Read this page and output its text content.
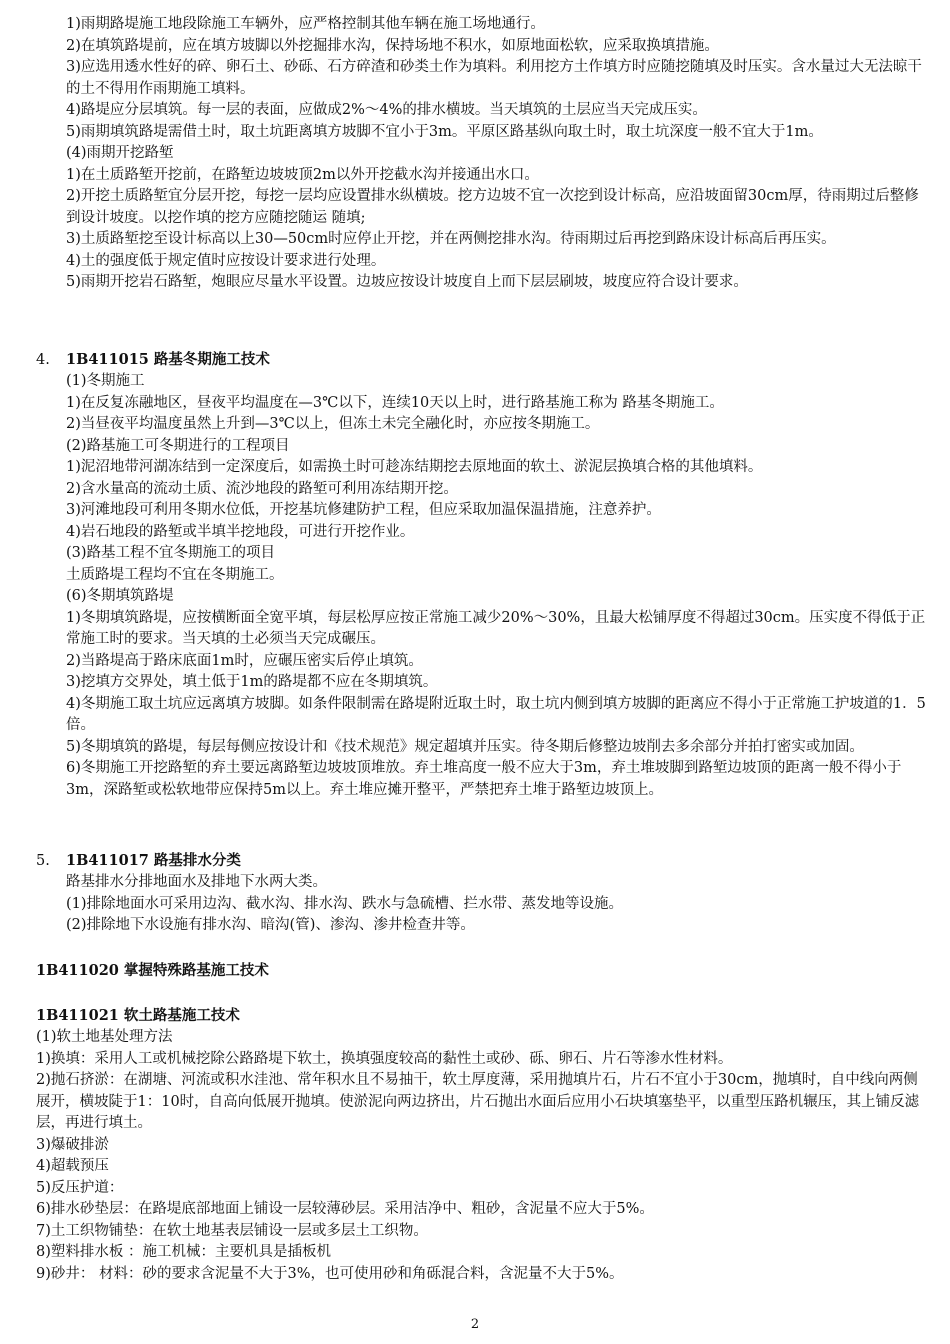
1)雨期路堤施工地段除施工车辆外，应严格控制其他车辆在施工场地通行。
2)在填筑路堤前，应在填方坡脚以外挖掘排水沟，保持场地不积水，如原地面松软，应采取换填措施。
3)应选用透水性好的碎、卵石土、砂砾、石方碎渣和砂类土作为填料。利用挖方土作填方时应随挖随填及时压实。含水量过大无法晾干的土不得用作雨期施工填料。
4)路堤应分层填筑。每一层的表面，应做成2%～4%的排水横坡。当天填筑的土层应当天完成压实。
5)雨期填筑路堤需借土时，取土坑距离填方坡脚不宜小于3m。平原区路基纵向取土时，取土坑深度一般不宜大于1m。
(4)雨期开挖路堑
1)在土质路堑开挖前，在路堑边坡坡顶2m以外开挖截水沟并接通出水口。
2)开挖土质路堑宜分层开挖，每挖一层均应设置排水纵横坡。挖方边坡不宜一次挖到设计标高，应沿坡面留30cm厚，待雨期过后整修到设计坡度。以挖作填的挖方应随挖随运 随填;
3)土质路堑挖至设计标高以上30—50cm时应停止开挖，并在两侧挖排水沟。待雨期过后再挖到路床设计标高后再压实。
4)土的强度低于规定值时应按设计要求进行处理。
5)雨期开挖岩石路堑，炮眼应尽量水平设置。边坡应按设计坡度自上而下层层刷坡，坡度应符合设计要求。
4. 1B411015 路基冬期施工技术
(1)冬期施工
1)在反复冻融地区，昼夜平均温度在—3℃以下，连续10天以上时，进行路基施工称为 路基冬期施工。
2)当昼夜平均温度虽然上升到—3℃以上，但冻土未完全融化时，亦应按冬期施工。
(2)路基施工可冬期进行的工程项目
1)泥沼地带河湖冻结到一定深度后，如需换土时可趁冻结期挖去原地面的软土、淤泥层换填合格的其他填料。
2)含水量高的流动土质、流沙地段的路堑可利用冻结期开挖。
3)河滩地段可利用冬期水位低，开挖基坑修建防护工程，但应采取加温保温措施，注意养护。
4)岩石地段的路堑或半填半挖地段，可进行开挖作业。
(3)路基工程不宜冬期施工的项目
土质路堤工程均不宜在冬期施工。
(6)冬期填筑路堤
1)冬期填筑路堤，应按横断面全宽平填，每层松厚应按正常施工减少20%～30%，且最大松铺厚度不得超过30cm。压实度不得低于正常施工时的要求。当天填的土必须当天完成碾压。
2)当路堤高于路床底面1m时，应碾压密实后停止填筑。
3)挖填方交界处，填土低于1m的路堤都不应在冬期填筑。
4)冬期施工取土坑应远离填方坡脚。如条件限制需在路堤附近取土时，取土坑内侧到填方坡脚的距离应不得小于正常施工护坡道的1．5倍。
5)冬期填筑的路堤，每层每侧应按设计和《技术规范》规定超填并压实。待冬期后修整边坡削去多余部分并拍打密实或加固。
6)冬期施工开挖路堑的弃土要远离路堑边坡坡顶堆放。弃土堆高度一般不应大于3m，弃土堆坡脚到路堑边坡顶的距离一般不得小于3m，深路堑或松软地带应保持5m以上。弃土堆应摊开整平，严禁把弃土堆于路堑边坡顶上。
5. 1B411017 路基排水分类
路基排水分排地面水及排地下水两大类。
(1)排除地面水可采用边沟、截水沟、排水沟、跌水与急硫槽、拦水带、蒸发地等设施。
(2)排除地下水设施有排水沟、暗沟(管)、渗沟、渗井检查井等。
1B411020 掌握特殊路基施工技术
1B411021 软土路基施工技术
(1)软土地基处理方法
1)换填：采用人工或机械挖除公路路堤下软土，换填强度较高的黏性土或砂、砾、卵石、片石等渗水性材料。
2)抛石挤淤：在湖塘、河流或积水洼池、常年积水且不易抽干，软土厚度薄，采用抛填片石，片石不宜小于30cm，抛填时，自中线向两侧展开，横坡陡于1：10时，自高向低展开抛填。使淤泥向两边挤出，片石抛出水面后应用小石块填塞垫平，以重型压路机辗压，其上铺反滤层，再进行填土。
3)爆破排淤
4)超载预压
5)反压护道：
6)排水砂垫层：在路堤底部地面上铺设一层较薄砂层。采用洁净中、粗砂，含泥量不应大于5%。
7)土工织物铺垫：在软土地基表层铺设一层或多层土工织物。
8)塑料排水板 ：施工机械：主要机具是插板机
9)砂井： 材料：砂的要求含泥量不大于3%，也可使用砂和角砾混合料，含泥量不大于5%。
2
